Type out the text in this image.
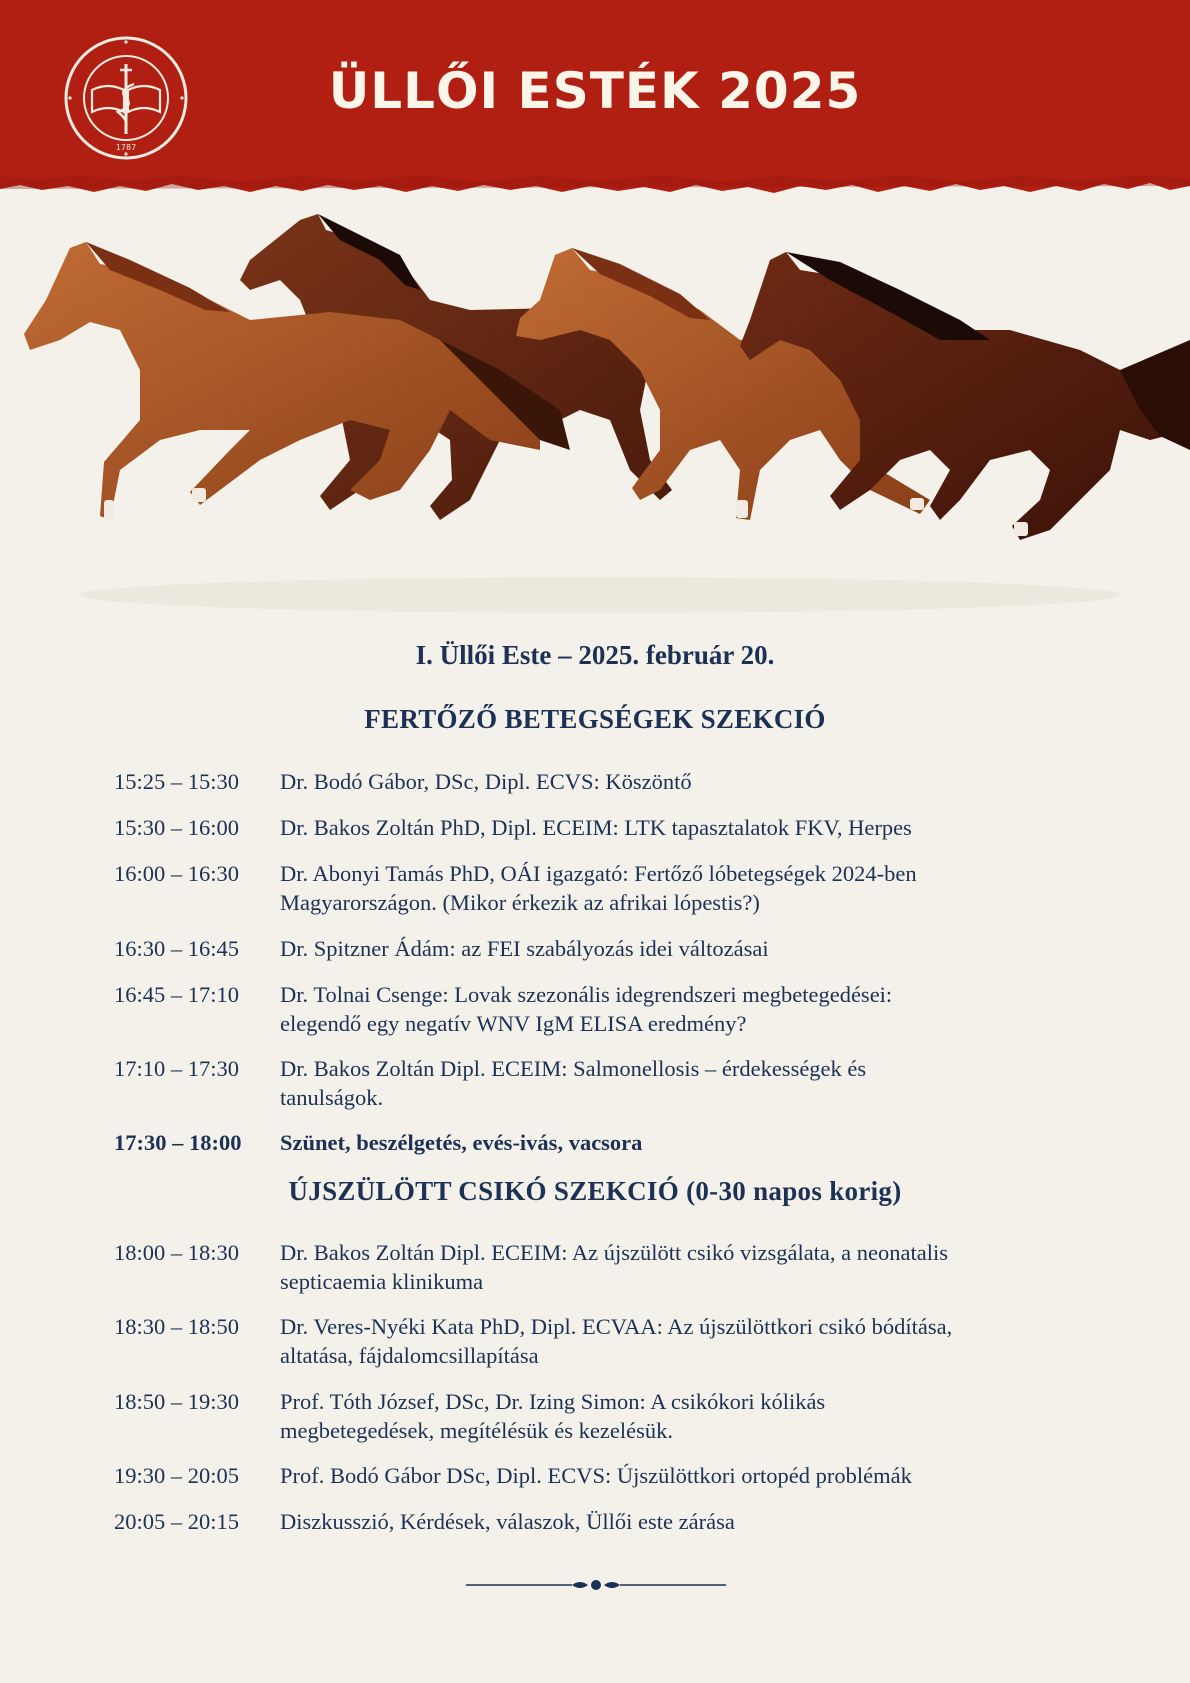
1787
ÜLLŐI ESTÉK 2025
I. Üllői Este – 2025. február 20.
FERTŐZŐ BETEGSÉGEK SZEKCIÓ
15:25 – 15:30	Dr. Bodó Gábor, DSc, Dipl. ECVS: Köszöntő
15:30 – 16:00	Dr. Bakos Zoltán PhD, Dipl. ECEIM: LTK tapasztalatok FKV, Herpes
16:00 – 16:30	Dr. Abonyi Tamás PhD, OÁI igazgató: Fertőző lóbetegségek 2024-ben
Magyarországon. (Mikor érkezik az afrikai lópestis?)
16:30 – 16:45	Dr. Spitzner Ádám: az FEI szabályozás idei változásai
16:45 – 17:10	Dr. Tolnai Csenge: Lovak szezonális idegrendszeri megbetegedései:
elegendő egy negatív WNV IgM ELISA eredmény?
17:10 – 17:30	Dr. Bakos Zoltán Dipl. ECEIM: Salmonellosis – érdekességek és
tanulságok.
17:30 – 18:00	Szünet, beszélgetés, evés-ivás, vacsora
ÚJSZÜLÖTT CSIKÓ SZEKCIÓ (0-30 napos korig)
18:00 – 18:30	Dr. Bakos Zoltán Dipl. ECEIM: Az újszülött csikó vizsgálata, a neonatalis
septicaemia klinikuma
18:30 – 18:50	Dr. Veres-Nyéki Kata PhD, Dipl. ECVAA: Az újszülöttkori csikó bódítása,
altatása, fájdalomcsillapítása
18:50 – 19:30	Prof. Tóth József, DSc, Dr. Izing Simon: A csikókori kólikás
megbetegedések, megítélésük és kezelésük.
19:30 – 20:05	Prof. Bodó Gábor DSc, Dipl. ECVS: Újszülöttkori ortopéd problémák
20:05 – 20:15	Diszkusszió, Kérdések, válaszok, Üllői este zárása
